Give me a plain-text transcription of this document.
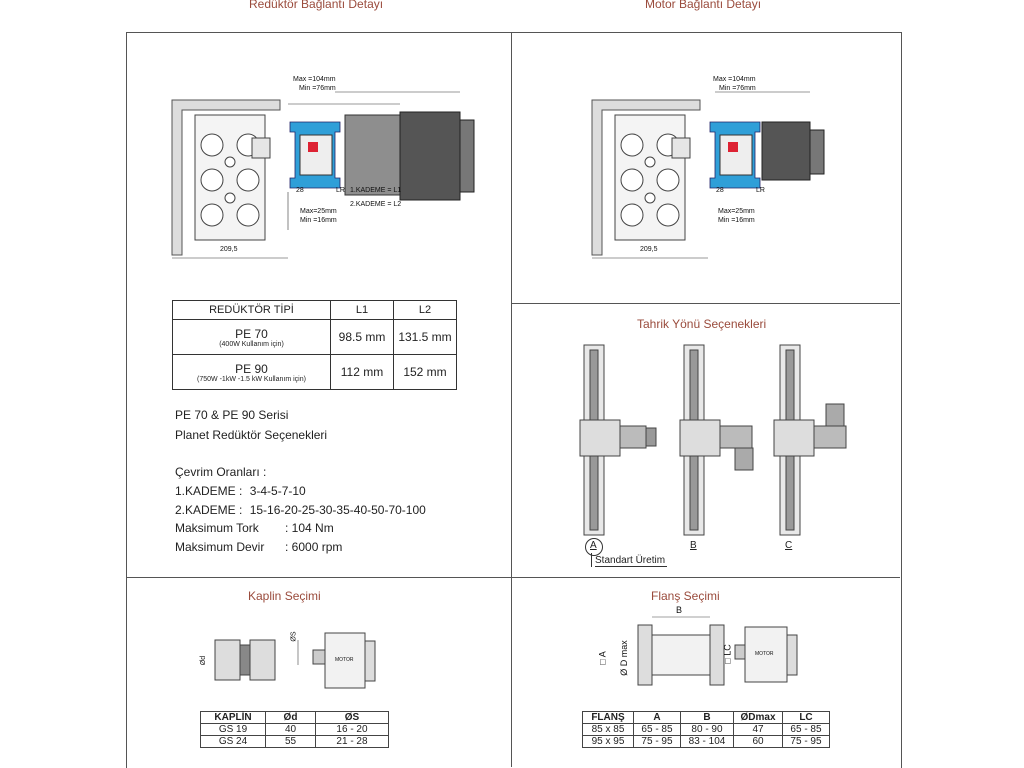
Redüktör Bağlantı Detayı	Motor Bağlantı Detayı
Max =104mm
Min =76mm
28	LR 1.KADEME = L1
2.KADEME = L2
Max=25mm
Min =16mm
209,5
Max =104mm
Min =76mm
28	LR
Max=25mm
Min =16mm
209,5
REDÜKTÖR TİPİ	L1	L2

PE 70
(400W Kullanım için)	98.5 mm	131.5 mm

PE 90
(750W -1kW -1.5 kW Kullanım için)	112 mm	152 mm
PE 70 & PE 90 Serisi
Planet Redüktör Seçenekleri
Çevrim Oranları :
1.KADEME : 3-4-5-7-10
2.KADEME : 15-16-20-25-30-35-40-50-70-100
Maksimum Tork : 104 Nm
Maksimum Devir : 6000 rpm
Tahrik Yönü Seçenekleri
A	B	C
Standart Üretim
Kaplin Seçimi
Ød
ØS
MOTOR
KAPLİN	Ød	ØS
GS 19	40	16 - 20
GS 24	55	21 - 28
Flanş Seçimi
B
□ A Ø D max	□ LC	MOTOR
FLANŞ	A	B	ØDmax	LC
85 x 85	65 - 85	80 - 90	47	65 - 85
95 x 95	75 - 95	83 - 104	60	75 - 95
